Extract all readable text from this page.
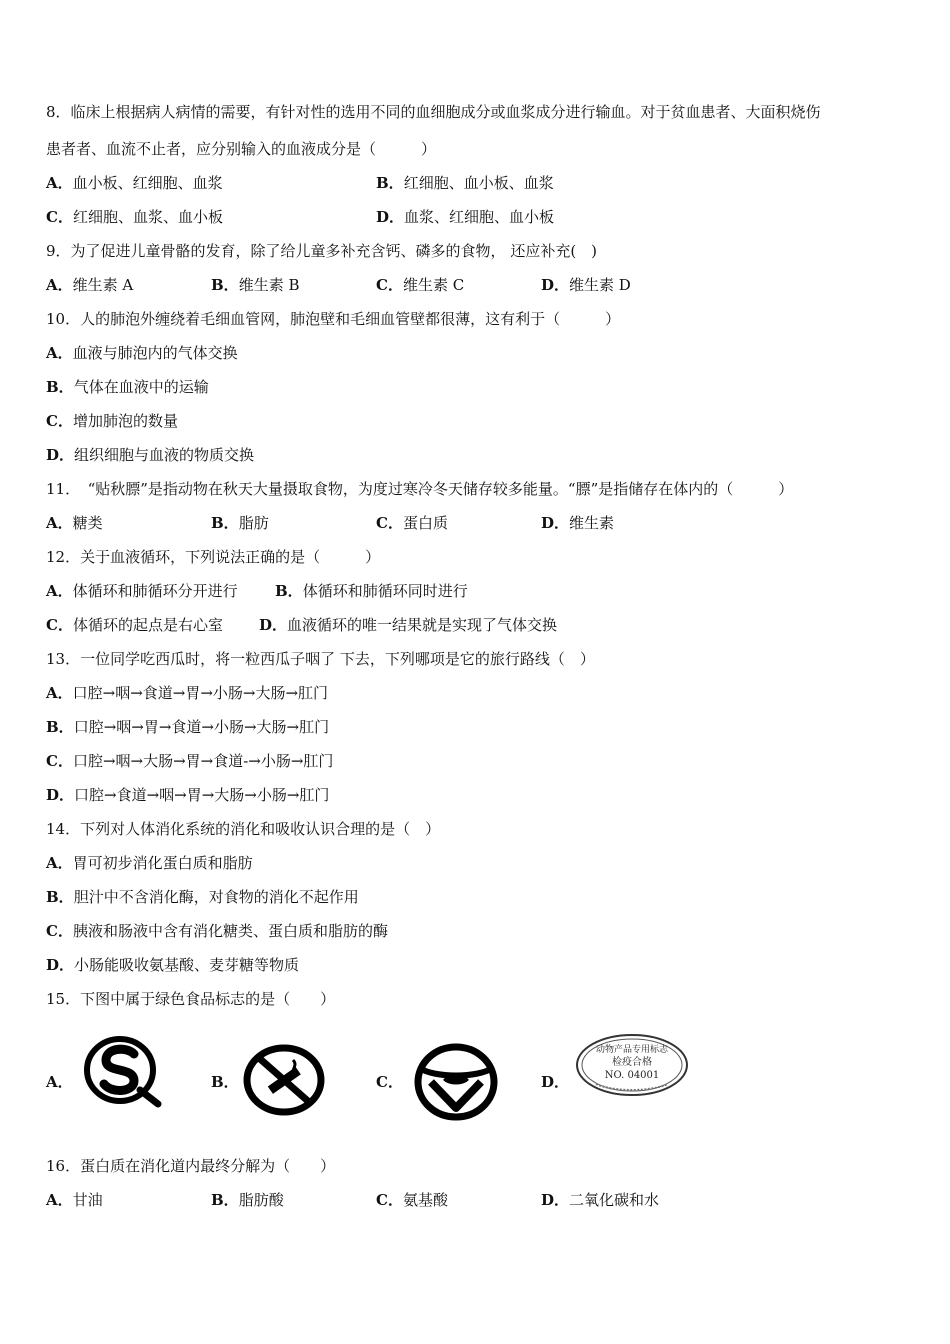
8．临床上根据病人病情的需要，有针对性的选用不同的血细胞成分或血浆成分进行输血。对于贫血患者、大面积烧伤
患者者、血流不止者，应分别输入的血液成分是（　　　）
A．血小板、红细胞、血浆	B．红细胞、血小板、血浆
C．红细胞、血浆、血小板	D．血浆、红细胞、血小板
9．为了促进儿童骨骼的发育，除了给儿童多补充含钙、磷多的食物， 还应补充(　)
A．维生素 A	B．维生素 B	C．维生素 C	D．维生素 D
10．人的肺泡外缠绕着毛细血管网，肺泡壁和毛细血管壁都很薄，这有利于（　　　）
A．血液与肺泡内的气体交换
B．气体在血液中的运输
C．增加肺泡的数量
D．组织细胞与血液的物质交换
11．　“贴秋膘”是指动物在秋天大量摄取食物，为度过寒冷冬天储存较多能量。“膘”是指储存在体内的（　　　）
A．糖类	B．脂肪	C．蛋白质	D．维生素
12．关于血液循环，下列说法正确的是（　　　）
A．体循环和肺循环分开进行 B．体循环和肺循环同时进行
C．体循环的起点是右心室 D．血液循环的唯一结果就是实现了气体交换
13．一位同学吃西瓜时，将一粒西瓜子咽了 下去，下列哪项是它的旅行路线（　）
A．口腔→咽→食道→胃→小肠→大肠→肛门
B．口腔→咽→胃→食道→小肠→大肠→肛门
C．口腔→咽→大肠→胃→食道-→小肠→肛门
D．口腔→食道→咽→胃→大肠→小肠→肛门
14．下列对人体消化系统的消化和吸收认识合理的是（　）
A．胃可初步消化蛋白质和脂肪
B．胆汁中不含消化酶，对食物的消化不起作用
C．胰液和肠液中含有消化糖类、蛋白质和脂肪的酶
D．小肠能吸收氨基酸、麦芽糖等物质
15．下图中属于绿色食品标志的是（　　）
A．	B．	C．	D．
动物产品专用标志
检疫合格
NO. 04001
16．蛋白质在消化道内最终分解为（　　）
A．甘油	B．脂肪酸	C．氨基酸	D．二氧化碳和水
